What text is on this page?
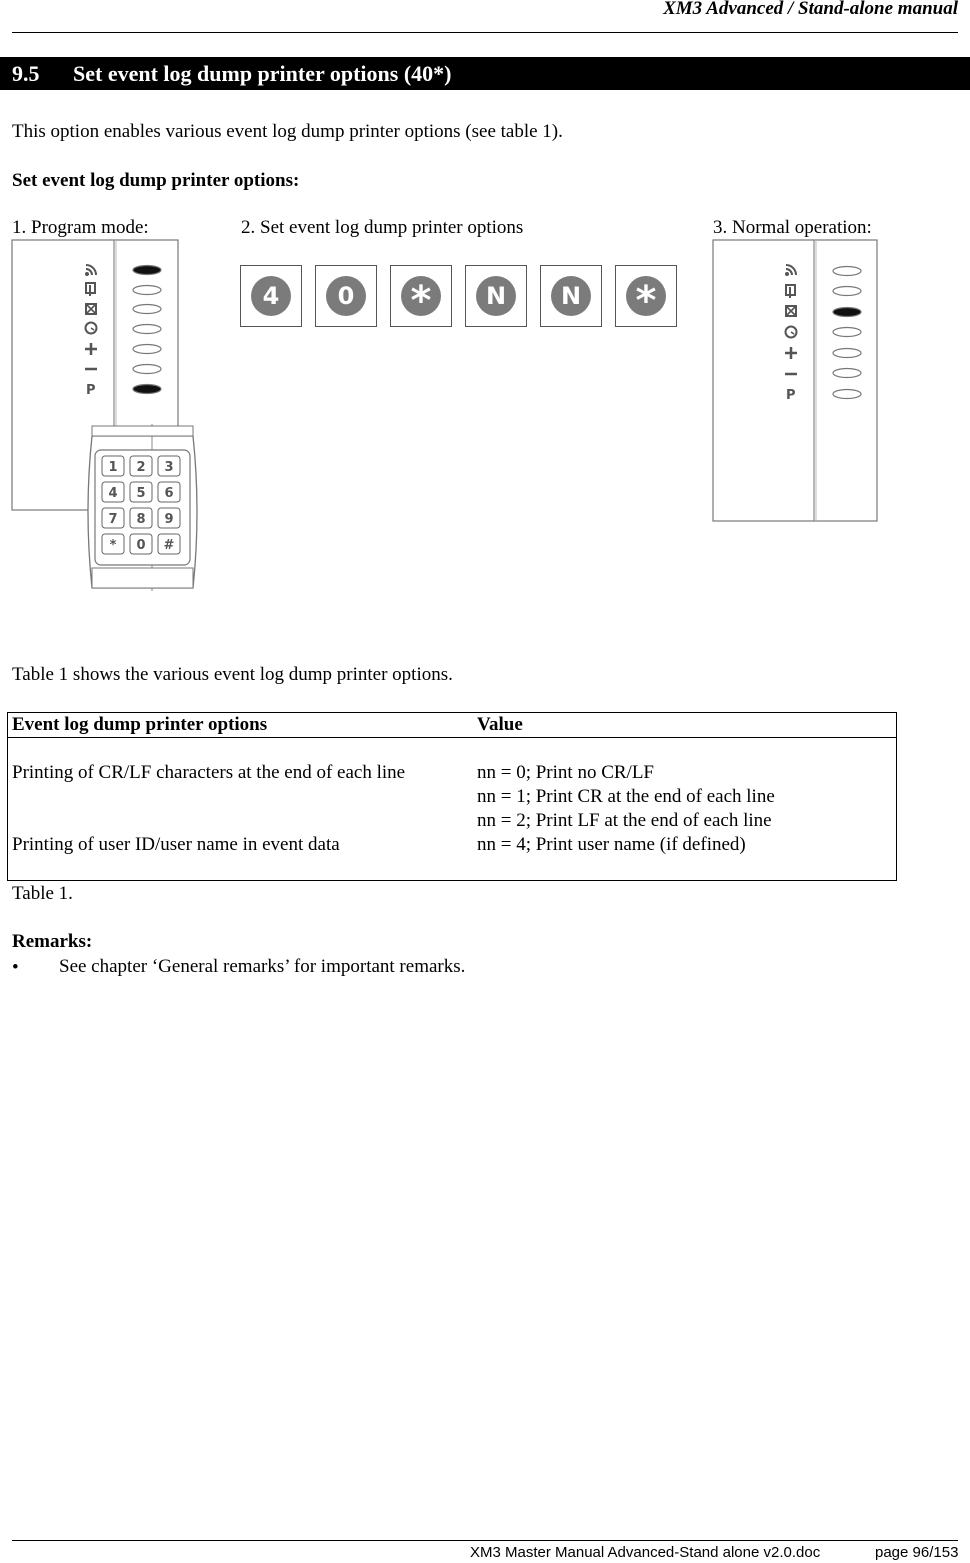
XM3 Advanced / Stand-alone manual
9.5 Set event log dump printer options (40*)
This option enables various event log dump printer options (see table 1).
Set event log dump printer options:
1. Program mode:	2. Set event log dump printer options	3. Normal operation:
P
1 2 3
4 5 6
7 8 9
* 0 #
4	0 *	N	N *
P
Table 1 shows the various event log dump printer options.
Event log dump printer options	Value
Printing of CR/LF characters at the end of each line	nn = 0; Print no CR/LF
nn = 1; Print CR at the end of each line
nn = 2; Print LF at the end of each line
Printing of user ID/user name in event data	nn = 4; Print user name (if defined)
Table 1.
Remarks:
• See chapter ‘General remarks’ for important remarks.
XM3 Master Manual Advanced-Stand alone v2.0.doc	page 96/153
